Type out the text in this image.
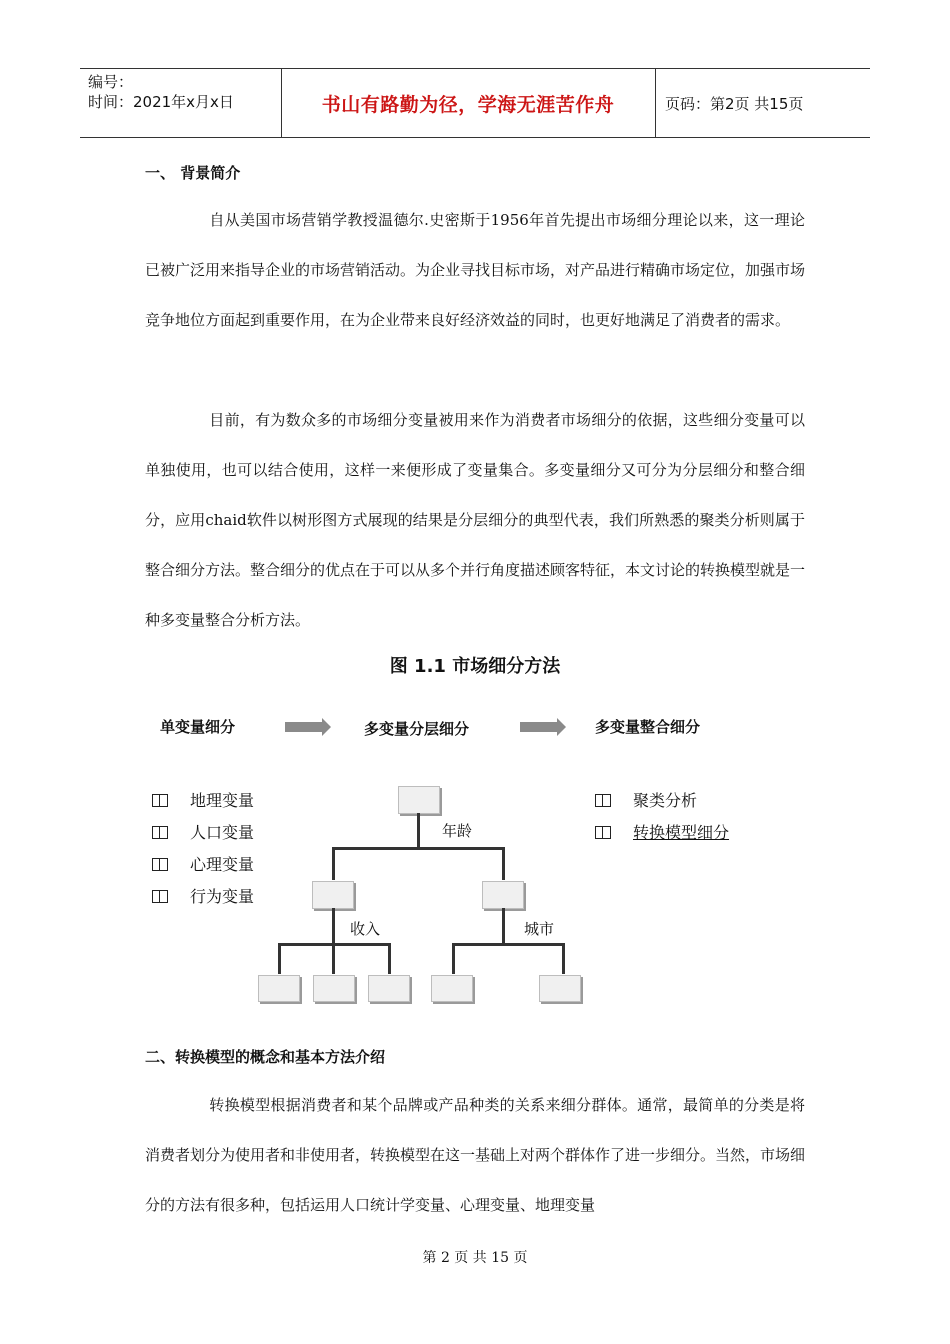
编号：
时间：2021年x月x日	书山有路勤为径，学海无涯苦作舟	页码：第2页 共15页
一、 背景简介

自从美国市场营销学教授温德尔.史密斯于1956年首先提出市场细分理论以来，这一理论已被广泛用来指导企业的市场营销活动。为企业寻找目标市场，对产品进行精确市场定位，加强市场竞争地位方面起到重要作用，在为企业带来良好经济效益的同时，也更好地满足了消费者的需求。

目前，有为数众多的市场细分变量被用来作为消费者市场细分的依据，这些细分变量可以单独使用，也可以结合使用，这样一来便形成了变量集合。多变量细分又可分为分层细分和整合细分，应用chaid软件以树形图方式展现的结果是分层细分的典型代表，我们所熟悉的聚类分析则属于整合细分方法。整合细分的优点在于可以从多个并行角度描述顾客特征，本文讨论的转换模型就是一种多变量整合分析方法。

图 1.1 市场细分方法
单变量细分	多变量分层细分	多变量整合细分
地理变量
人口变量
心理变量
行为变量
年龄
收入	城市
聚类分析
转换模型细分
二、转换模型的概念和基本方法介绍

转换模型根据消费者和某个品牌或产品种类的关系来细分群体。通常，最简单的分类是将消费者划分为使用者和非使用者，转换模型在这一基础上对两个群体作了进一步细分。当然，市场细分的方法有很多种，包括运用人口统计学变量、心理变量、地理变量

第 2 页 共 15 页
